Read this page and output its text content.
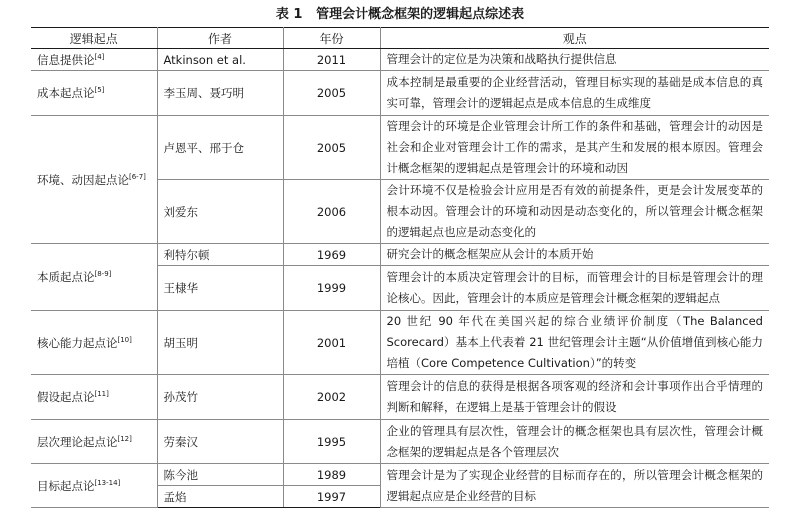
表 1 管理会计概念框架的逻辑起点综述表
逻辑起点	作者	年份	观点
信息提供论[4]	Atkinson et al.	2011	管理会计的定位是为决策和战略执行提供信息
成本起点论[5]	李玉周、聂巧明	2005	成本控制是最重要的企业经营活动，管理目标实现的基础是成本信息的真实可靠，管理会计的逻辑起点是成本信息的生成维度
环境、动因起点论[6-7]	卢恩平、邢于仓	2005	管理会计的环境是企业管理会计所工作的条件和基础，管理会计的动因是社会和企业对管理会计工作的需求，是其产生和发展的根本原因。管理会计概念框架的逻辑起点是管理会计的环境和动因
	刘爱东	2006	会计环境不仅是检验会计应用是否有效的前提条件，更是会计发展变革的根本动因。管理会计的环境和动因是动态变化的，所以管理会计概念框架的逻辑起点也应是动态变化的
本质起点论[8-9]	利特尔顿	1969	研究会计的概念框架应从会计的本质开始
	王棣华	1999	管理会计的本质决定管理会计的目标，而管理会计的目标是管理会计的理论核心。因此，管理会计的本质应是管理会计概念框架的逻辑起点
核心能力起点论[10]	胡玉明	2001	20 世纪 90 年代在美国兴起的综合业绩评价制度（The Balanced Scorecard）基本上代表着 21 世纪管理会计主题“从价值增值到核心能力培植（Core Competence Cultivation）”的转变
假设起点论[11]	孙茂竹	2002	管理会计的信息的获得是根据各项客观的经济和会计事项作出合乎情理的判断和解释，在逻辑上是基于管理会计的假设
层次理论起点论[12]	劳秦汉	1995	企业的管理具有层次性，管理会计的概念框架也具有层次性，管理会计概念框架的逻辑起点是各个管理层次
目标起点论[13-14]	陈今池	1989	管理会计是为了实现企业经营的目标而存在的，所以管理会计概念框架的逻辑起点应是企业经营的目标
	孟焰	1997	
